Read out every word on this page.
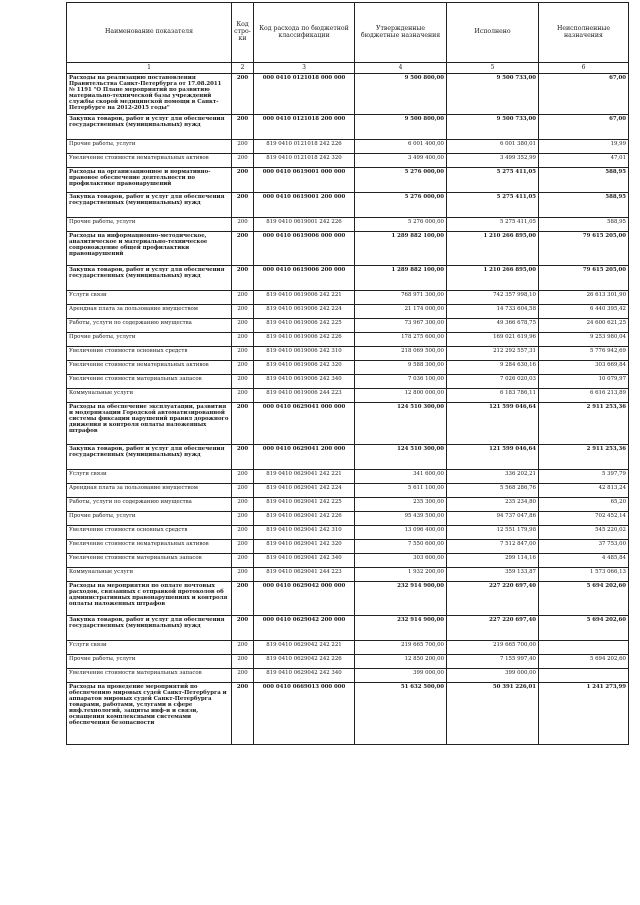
Наименование показателя	Код стро-ки	Код расхода по бюджетной классификации	Утвержденные бюджетные назначения	Исполнено	Неисполненные назначения
1	2	3	4	5	6
Расходы на реализацию постановления Правительства Санкт-Петербурга от 17.08.2011 № 1191 "О Плане мероприятий по развитию материально-технической базы учреждений службы скорой медицинской помощи в Санкт-Петербурге на 2012-2015 годы"	200	000 0410 0121018 000 000	9 500 800,00	9 500 733,00	67,00
Закупка товаров, работ и услуг для обеспечения государственных (муниципальных) нужд	200	000 0410 0121018 200 000	9 500 800,00	9 500 733,00	67,00
Прочие работы, услуги	200	819 0410 0121018 242 226	6 001 400,00	6 001 380,01	19,99
Увеличение стоимости нематериальных активов	200	819 0410 0121018 242 320	3 499 400,00	3 499 352,99	47,01
Расходы на организационное и нормативно-правовое обеспечение деятельности по профилактике правонарушений	200	000 0410 0619001 000 000	5 276 000,00	5 275 411,05	588,95
Закупка товаров, работ и услуг для обеспечения государственных (муниципальных) нужд	200	000 0410 0619001 200 000	5 276 000,00	5 275 411,05	588,95
Прочие работы, услуги	200	819 0410 0619001 242 226	5 276 000,00	5 275 411,05	588,95
Расходы на информационно-методическое, аналитическое и материально-техническое сопровождение общей профилактики правонарушений	200	000 0410 0619006 000 000	1 289 882 100,00	1 210 266 895,00	79 615 205,00
Закупка товаров, работ и услуг для обеспечения государственных (муниципальных) нужд	200	000 0410 0619006 200 000	1 289 882 100,00	1 210 266 895,00	79 615 205,00
Услуги связи	200	819 0410 0619006 242 221	768 971 300,00	742 357 998,10	26 613 301,90
Арендная плата за пользование имуществом	200	819 0410 0619006 242 224	21 174 000,00	14 733 604,58	6 440 395,42
Работы, услуги по содержанию имущества	200	819 0410 0619006 242 225	73 967 300,00	49 366 678,75	24 600 621,25
Прочие работы, услуги	200	819 0410 0619006 242 226	178 275 600,00	169 021 619,96	9 253 980,04
Увеличение стоимости основных средств	200	819 0410 0619006 242 310	218 069 500,00	212 292 557,31	5 776 942,69
Увеличение стоимости нематериальных активов	200	819 0410 0619006 242 320	9 588 300,00	9 284 630,16	303 669,84
Увеличение стоимости материальных запасов	200	819 0410 0619006 242 340	7 036 100,00	7 026 020,03	10 079,97
Коммунальные услуги	200	819 0410 0619006 244 223	12 800 000,00	6 183 786,11	6 616 213,89
Расходы на обеспечение эксплуатации, развития и модернизации Городской автоматизированной системы фиксации нарушений правил дорожного движения и контроля оплаты наложенных штрафов	200	000 0410 0629041 000 000	124 510 300,00	121 599 046,64	2 911 253,36
Закупка товаров, работ и услуг для обеспечения государственных (муниципальных) нужд	200	000 0410 0629041 200 000	124 510 300,00	121 599 046,64	2 911 253,36
Услуги связи	200	819 0410 0629041 242 221	341 600,00	336 202,21	5 397,79
Арендная плата за пользование имуществом	200	819 0410 0629041 242 224	5 611 100,00	5 568 286,76	42 813,24
Работы, услуги по содержанию имущества	200	819 0410 0629041 242 225	235 300,00	235 234,80	65,20
Прочие работы, услуги	200	819 0410 0629041 242 226	95 439 500,00	94 737 047,86	702 452,14
Увеличение стоимости основных средств	200	819 0410 0629041 242 310	13 096 400,00	12 551 179,98	545 220,02
Увеличение стоимости нематериальных активов	200	819 0410 0629041 242 320	7 550 600,00	7 512 847,00	37 753,00
Увеличение стоимости материальных запасов	200	819 0410 0629041 242 340	303 600,00	299 114,16	4 485,84
Коммунальные услуги	200	819 0410 0629041 244 223	1 932 200,00	359 133,87	1 573 066,13
Расходы на мероприятия по оплате почтовых расходов, связанных с отправкой протоколов об административных правонарушениях и контроля оплаты наложенных штрафов	200	000 0410 0629042 000 000	232 914 900,00	227 220 697,40	5 694 202,60
Закупка товаров, работ и услуг для обеспечения государственных (муниципальных) нужд	200	000 0410 0629042 200 000	232 914 900,00	227 220 697,40	5 694 202,60
Услуги связи	200	819 0410 0629042 242 221	219 665 700,00	219 665 700,00	
Прочие работы, услуги	200	819 0410 0629042 242 226	12 850 200,00	7 155 997,40	5 694 202,60
Увеличение стоимости материальных запасов	200	819 0410 0629042 242 340	399 000,00	399 000,00	
Расходы на проведение мероприятий по обеспечению мировых судей Санкт-Петербурга и аппаратов мировых судей Санкт-Петербурга товарами, работами, услугами в сфере инф.технологий, защиты инф-и и связи, оснащения комплексными системами обеспечения безопасности	200	000 0410 0669013 000 000	51 632 500,00	50 391 226,01	1 241 273,99
